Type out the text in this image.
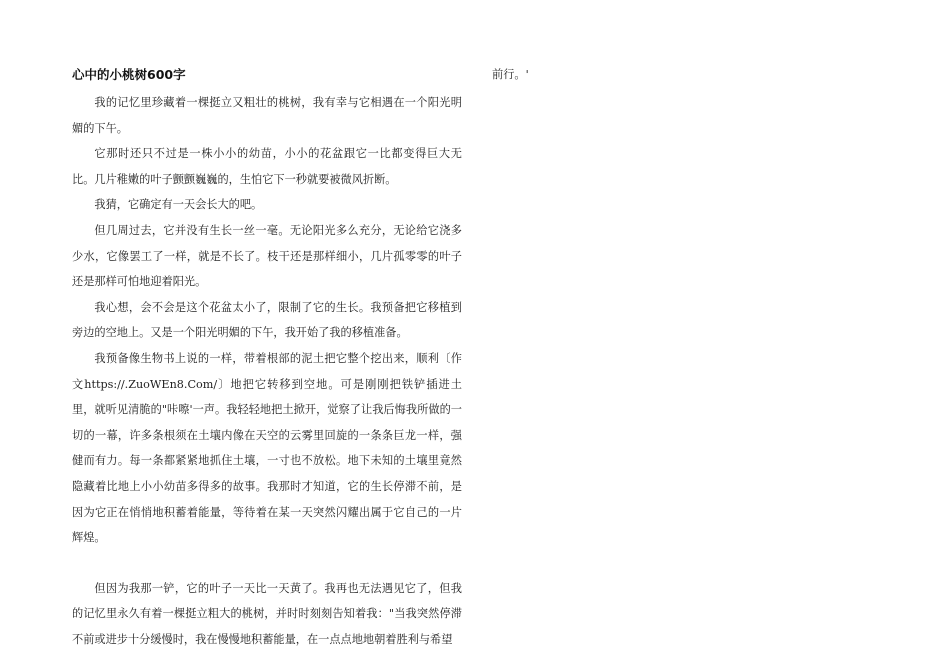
心中的小桃树600字

我的记忆里珍藏着一棵挺立又粗壮的桃树，我有幸与它相遇在一个阳光明媚的下午。

它那时还只不过是一株小小的幼苗，小小的花盆跟它一比都变得巨大无比。几片稚嫩的叶子颤颤巍巍的，生怕它下一秒就要被微风折断。

我猜，它确定有一天会长大的吧。

但几周过去，它并没有生长一丝一毫。无论阳光多么充分，无论给它浇多少水，它像罢工了一样，就是不长了。枝干还是那样细小，几片孤零零的叶子还是那样可怕地迎着阳光。

我心想，会不会是这个花盆太小了，限制了它的生长。我预备把它移植到旁边的空地上。又是一个阳光明媚的下午，我开始了我的移植准备。

我预备像生物书上说的一样，带着根部的泥土把它整个挖出来，顺利〔作文https://.ZuoWEn8.Com/〕地把它转移到空地。可是刚刚把铁铲插进土里，就听见清脆的"咔嚓'一声。我轻轻地把土掀开，觉察了让我后悔我所做的一切的一幕，许多条根须在土壤内像在天空的云雾里回旋的一条条巨龙一样，强健而有力。每一条都紧紧地抓住土壤，一寸也不放松。地下未知的土壤里竟然隐藏着比地上小小幼苗多得多的故事。我那时才知道，它的生长停滞不前，是因为它正在悄悄地积蓄着能量，等待着在某一天突然闪耀出属于它自己的一片辉煌。

但因为我那一铲，它的叶子一天比一天黄了。我再也无法遇见它了，但我的记忆里永久有着一棵挺立粗大的桃树，并时时刻刻告知着我："当我突然停滞不前或进步十分缓慢时，我在慢慢地积蓄能量，在一点点地地朝着胜利与希望

前行。'
